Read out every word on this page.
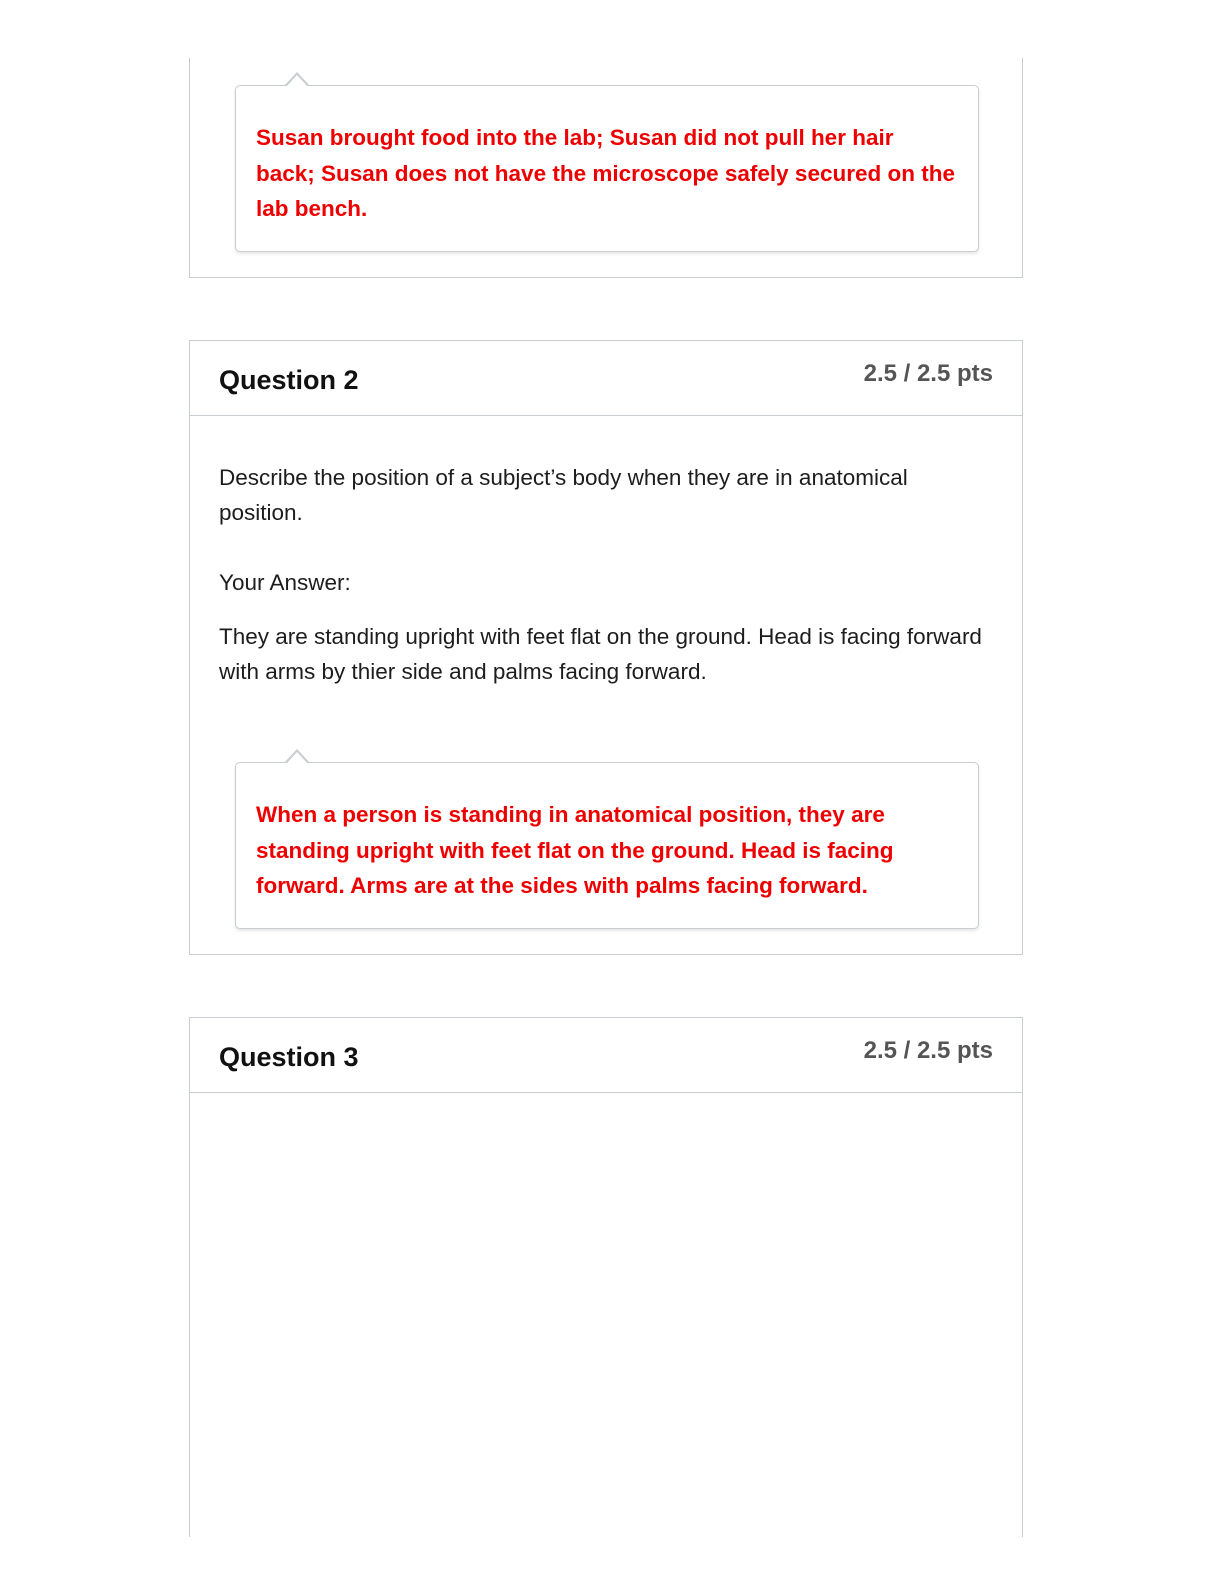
Susan brought food into the lab; Susan did not pull her hair back; Susan does not have the microscope safely secured on the lab bench.

Question 2	2.5 / 2.5 pts

Describe the position of a subject’s body when they are in anatomical position.

Your Answer:

They are standing upright with feet flat on the ground. Head is facing forward with arms by thier side and palms facing forward.

When a person is standing in anatomical position, they are standing upright with feet flat on the ground. Head is facing forward. Arms are at the sides with palms facing forward.

Question 3	2.5 / 2.5 pts
